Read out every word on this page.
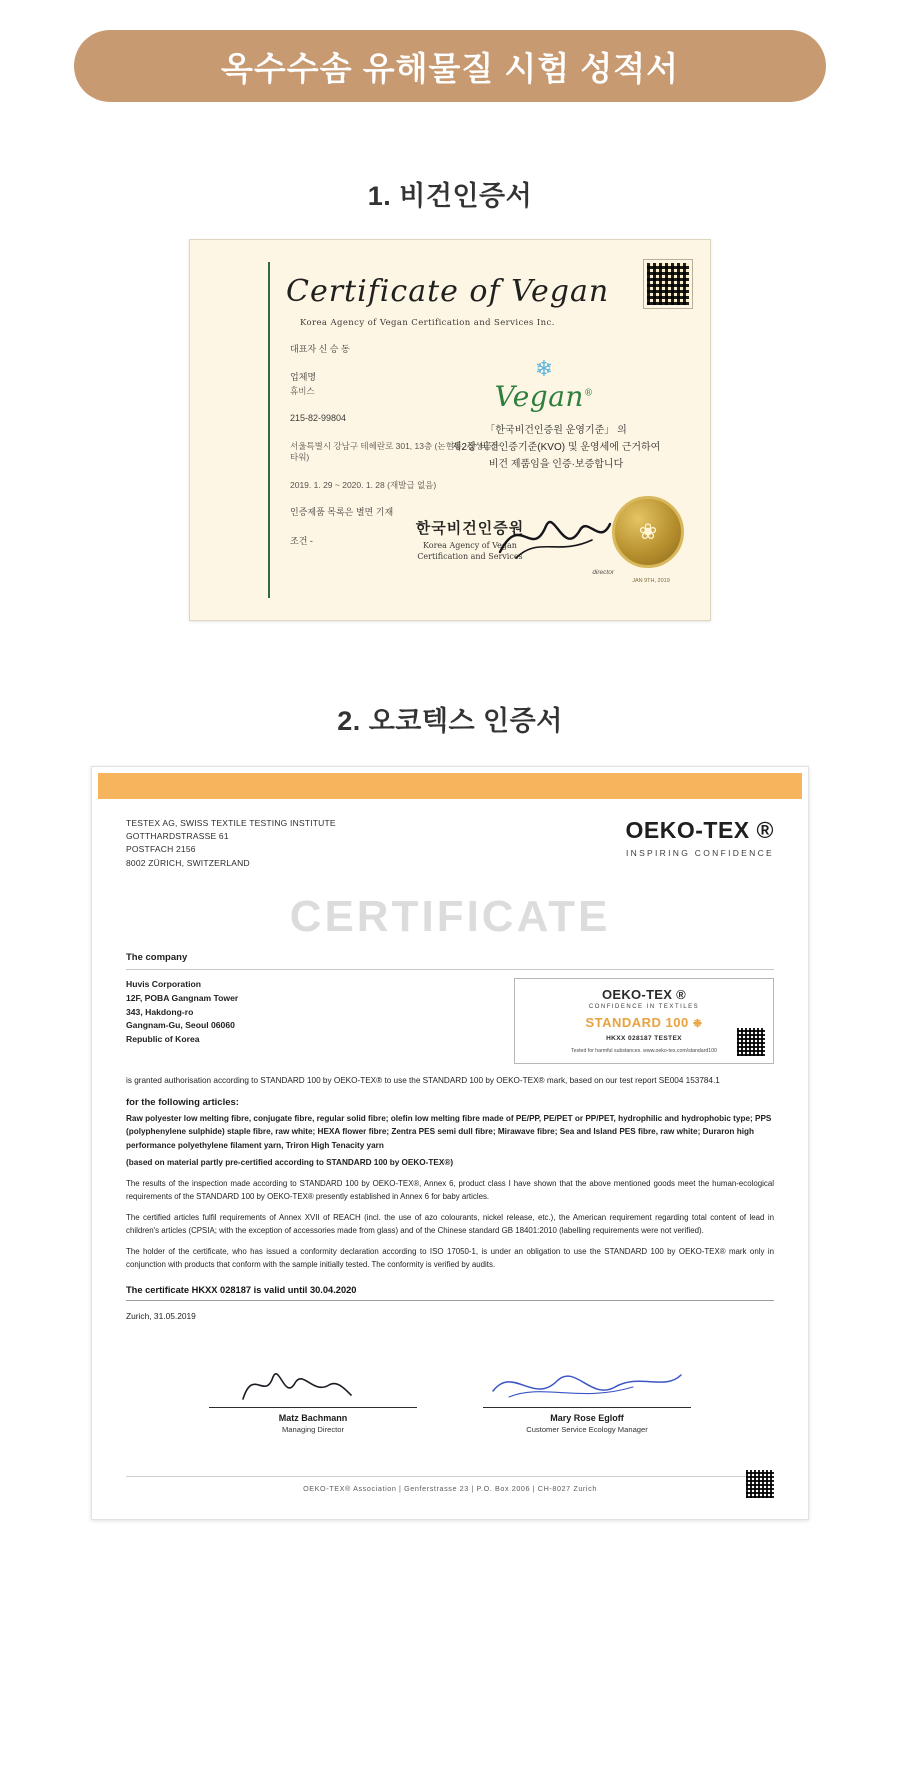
옥수수솜 유해물질 시험 성적서
1. 비건인증서
Certificate of Vegan
Korea Agency of Vegan Certification and Services Inc.
대표자 신 승 동
업체명
휴비스
215-82-99804
서울특별시 강남구 테헤란로 301, 13층 (논현동, 삼성금융타워)
2019. 1. 29 ~ 2020. 1. 28 (재발급 없음)
인증제품 목록은 별면 기재
조건 -
❄
Vegan®
「한국비건인증원 운영기준」 의
제2장 비건인증기준(KVO) 및 운영세에 근거하여
비건 제품임을 인증·보증합니다
한국비건인증원
Korea Agency of Vegan
Certification and Services
director
❀
JAN 9TH, 2019
2. 오코텍스 인증서
TESTEX AG, SWISS TEXTILE TESTING INSTITUTE
GOTTHARDSTRASSE 61
POSTFACH 2156
8002 ZÜRICH, SWITZERLAND
OEKO-TEX ®
INSPIRING CONFIDENCE
CERTIFICATE
The company
Huvis Corporation
12F, POBA Gangnam Tower
343, Hakdong-ro
Gangnam-Gu, Seoul 06060
Republic of Korea
OEKO-TEX ®
CONFIDENCE IN TEXTILES
STANDARD 100 ❉
HKXX 028187 TESTEX
Tested for harmful substances. www.oeko-tex.com/standard100
is granted authorisation according to STANDARD 100 by OEKO-TEX® to use the STANDARD 100 by OEKO-TEX® mark, based on our test report SE004 153784.1
for the following articles:
Raw polyester low melting fibre, conjugate fibre, regular solid fibre; olefin low melting fibre made of PE/PP, PE/PET or PP/PET, hydrophilic and hydrophobic type; PPS (polyphenylene sulphide) staple fibre, raw white; HEXA flower fibre; Zentra PES semi dull fibre; Mirawave fibre; Sea and Island PES fibre, raw white; Duraron high performance polyethylene filament yarn, Triron High Tenacity yarn
(based on material partly pre-certified according to STANDARD 100 by OEKO-TEX®)
The results of the inspection made according to STANDARD 100 by OEKO-TEX®, Annex 6, product class I have shown that the above mentioned goods meet the human-ecological requirements of the STANDARD 100 by OEKO-TEX® presently established in Annex 6 for baby articles.
The certified articles fulfil requirements of Annex XVII of REACH (incl. the use of azo colourants, nickel release, etc.), the American requirement regarding total content of lead in children's articles (CPSIA; with the exception of accessories made from glass) and of the Chinese standard GB 18401:2010 (labelling requirements were not verified).
The holder of the certificate, who has issued a conformity declaration according to ISO 17050-1, is under an obligation to use the STANDARD 100 by OEKO-TEX® mark only in conjunction with products that conform with the sample initially tested. The conformity is verified by audits.
The certificate HKXX 028187 is valid until 30.04.2020
Zurich, 31.05.2019
Matz Bachmann
Managing Director
Mary Rose Egloff
Customer Service Ecology Manager
OEKO-TEX® Association | Genferstrasse 23 | P.O. Box 2006 | CH-8027 Zurich
